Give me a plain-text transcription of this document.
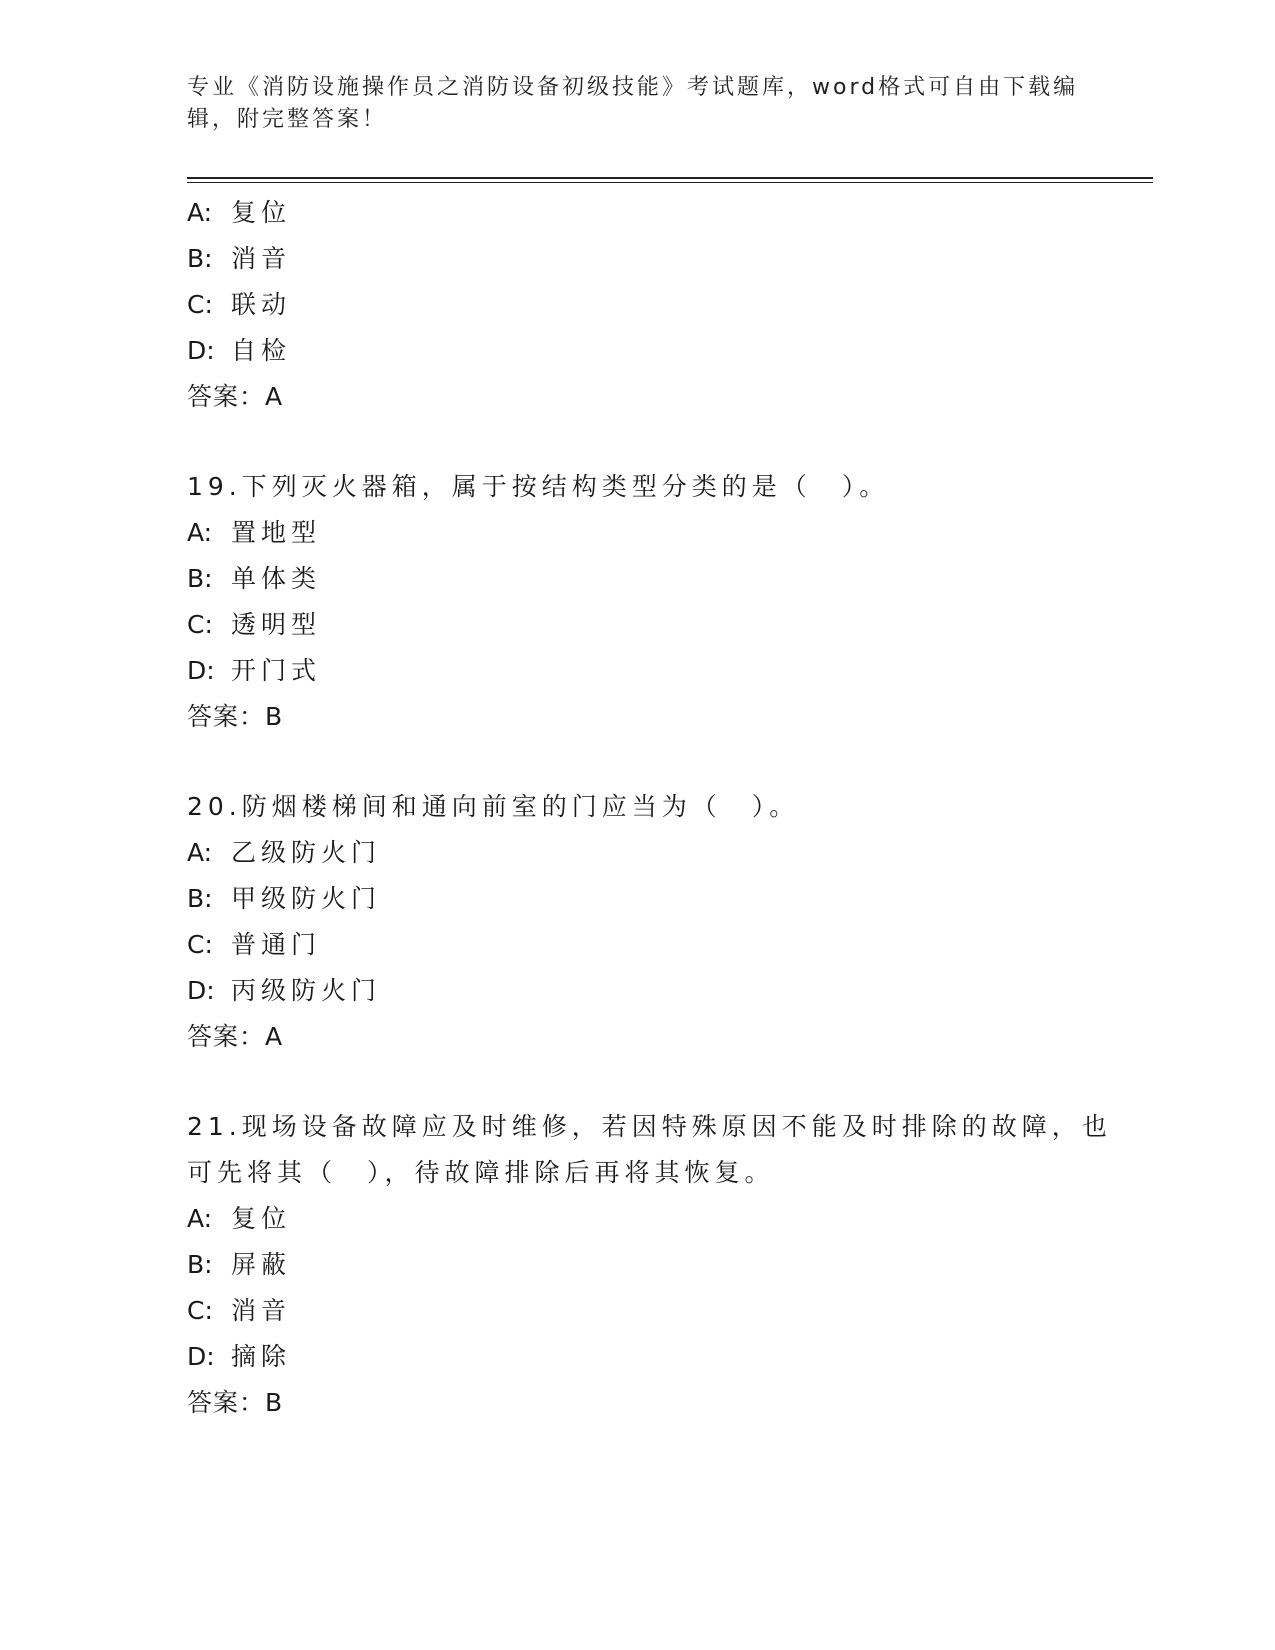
专业《消防设施操作员之消防设备初级技能》考试题库，word格式可自由下载编辑，附完整答案！
A: 复位
B: 消音
C: 联动
D: 自检
答案：A
19.下列灭火器箱，属于按结构类型分类的是（　）。
A: 置地型
B: 单体类
C: 透明型
D: 开门式
答案：B
20.防烟楼梯间和通向前室的门应当为（　）。
A: 乙级防火门
B: 甲级防火门
C: 普通门
D: 丙级防火门
答案：A
21.现场设备故障应及时维修，若因特殊原因不能及时排除的故障，也
可先将其（　），待故障排除后再将其恢复。
A: 复位
B: 屏蔽
C: 消音
D: 摘除
答案：B
